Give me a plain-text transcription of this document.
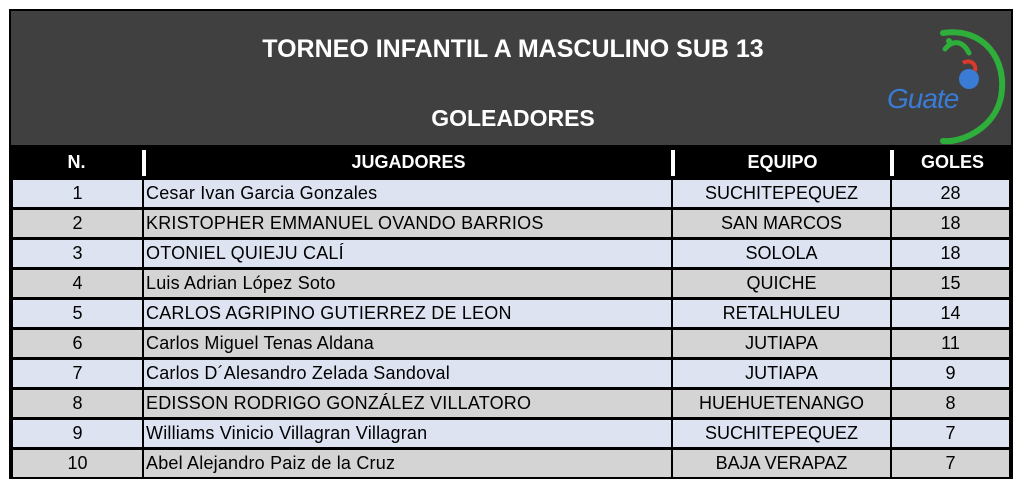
TORNEO INFANTIL A MASCULINO SUB 13
GOLEADORES
Guate
N.	JUGADORES	EQUIPO	GOLES
1	Cesar Ivan Garcia Gonzales	SUCHITEPEQUEZ	28
2	KRISTOPHER EMMANUEL OVANDO BARRIOS	SAN MARCOS	18
3	OTONIEL QUIEJU CALÍ	SOLOLA	18
4	Luis Adrian López Soto	QUICHE	15
5	CARLOS AGRIPINO GUTIERREZ DE LEON	RETALHULEU	14
6	Carlos Miguel Tenas Aldana	JUTIAPA	11
7	Carlos D´Alesandro Zelada Sandoval	JUTIAPA	9
8	EDISSON RODRIGO GONZÁLEZ VILLATORO	HUEHUETENANGO	8
9	Williams Vinicio Villagran Villagran	SUCHITEPEQUEZ	7
10	Abel Alejandro Paiz de la Cruz	BAJA VERAPAZ	7
